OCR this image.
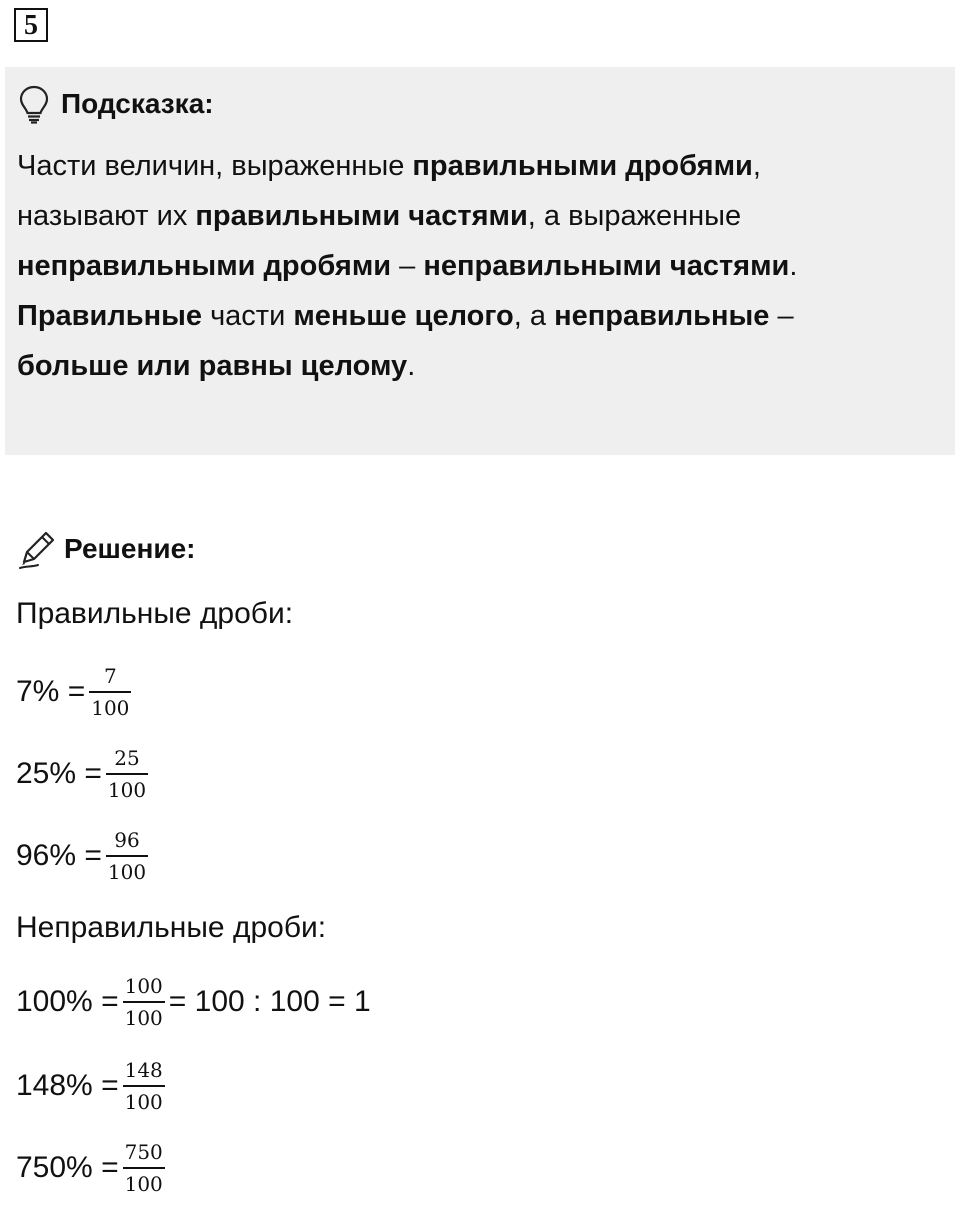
5
Подсказка:
Части величин, выраженные правильными дробями,
называют их правильными частями, а выраженные
неправильными дробями – неправильными частями.
Правильные части меньше целого, а неправильные –
больше или равны целому.
Решение:
Правильные дроби:
$7\% = \frac{7}{100}$
$25\% = \frac{25}{100}$
$96\% = \frac{96}{100}$
Неправильные дроби:
$100\% = \frac{100}{100} = 100$ : 100 = 1
$148\% = \frac{148}{100}$
$750\% = \frac{750}{100}$
